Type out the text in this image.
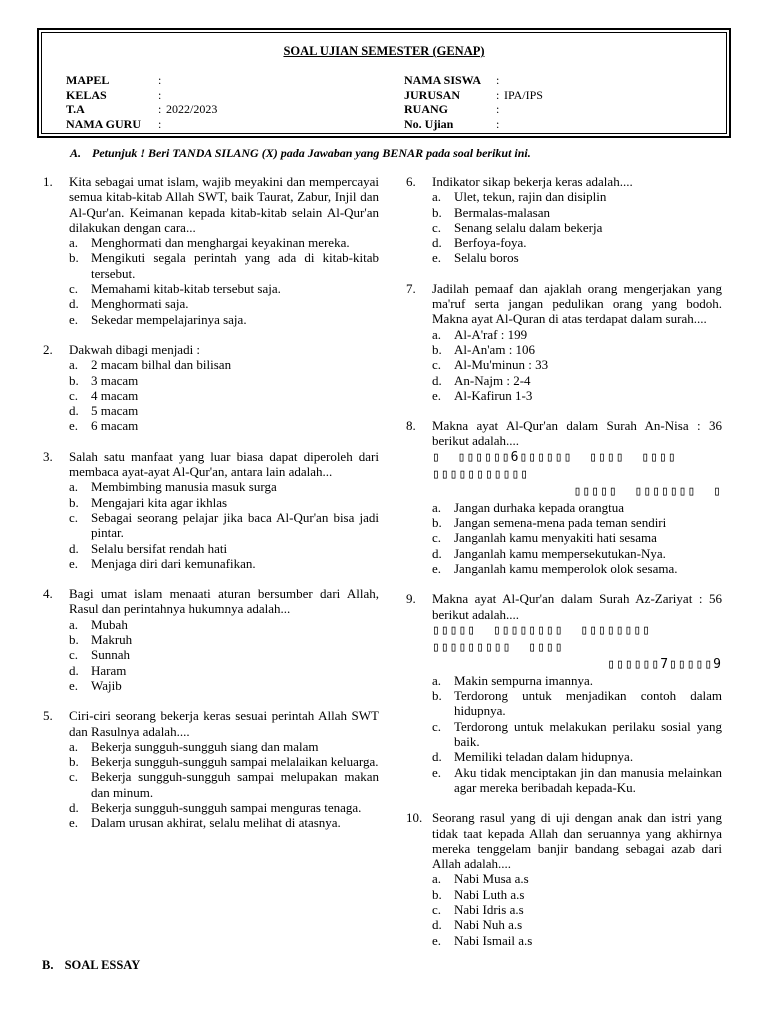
SOAL UJIAN SEMESTER (GENAP)
MAPEL	:
KELAS	:
T.A	: 2022/2023
NAMA GURU	:
NAMA SISWA	:
JURUSAN	: IPA/IPS
RUANG	:
No. Ujian	:
A. Petunjuk ! Beri TANDA SILANG (X) pada Jawaban yang BENAR pada soal berikut ini.
1.	Kita sebagai umat islam, wajib meyakini dan mempercayai semua kitab-kitab Allah SWT, baik Taurat, Zabur, Injil dan Al-Qur'an. Keimanan kepada kitab-kitab selain Al-Qur'an dilakukan dengan cara...
a. Menghormati dan menghargai keyakinan mereka.
b. Mengikuti segala perintah yang ada di kitab-kitab tersebut.
c. Memahami kitab-kitab tersebut saja.
d. Menghormati saja.
e. Sekedar mempelajarinya saja.
2.	Dakwah dibagi menjadi :
a. 2 macam bilhal dan bilisan
b. 3 macam
c. 4 macam
d. 5 macam
e. 6 macam
3.	Salah satu manfaat yang luar biasa dapat diperoleh dari membaca ayat-ayat Al-Qur'an, antara lain adalah...
a. Membimbing manusia masuk surga
b. Mengajari kita agar ikhlas
c. Sebagai seorang pelajar jika baca Al-Qur'an bisa jadi pintar.
d. Selalu bersifat rendah hati
e. Menjaga diri dari kemunafikan.
4.	Bagi umat islam menaati aturan bersumber dari Allah, Rasul dan perintahnya hukumnya adalah...
a. Mubah
b. Makruh
c. Sunnah
d. Haram
e. Wajib
5.	Ciri-ciri seorang bekerja keras sesuai perintah Allah SWT dan Rasulnya adalah....
a. Bekerja sungguh-sungguh siang dan malam
b. Bekerja sungguh-sungguh sampai melalaikan keluarga.
c. Bekerja sungguh-sungguh sampai melupakan makan dan minum.
d. Bekerja sungguh-sungguh sampai menguras tenaga.
e. Dalam urusan akhirat, selalu melihat di atasnya.
6.	Indikator sikap bekerja keras adalah....
a. Ulet, tekun, rajin dan disiplin
b. Bermalas-malasan
c. Senang selalu dalam bekerja
d. Berfoya-foya.
e. Selalu boros
7.	Jadilah pemaaf dan ajaklah orang mengerjakan yang ma'ruf serta jangan pedulikan orang yang bodoh. Makna ayat Al-Quran di atas terdapat dalam surah....
a. Al-A'raf : 199
b. Al-An'am : 106
c. Al-Mu'minun : 33
d. An-Najm : 2-4
e. Al-Kafirun 1-3
8.	Makna ayat Al-Qur'an dalam Surah An-Nisa : 36 berikut adalah....
▯ ▯▯▯▯▯▯6▯▯▯▯▯▯ ▯▯▯▯ ▯▯▯▯ ▯▯▯▯▯▯▯▯▯▯▯
▯▯▯▯▯ ▯▯▯▯▯▯▯ ▯
a. Jangan durhaka kepada orangtua
b. Jangan semena-mena pada teman sendiri
c. Janganlah kamu menyakiti hati sesama
d. Janganlah kamu mempersekutukan-Nya.
e. Janganlah kamu memperolok olok sesama.
9.	Makna ayat Al-Qur'an dalam Surah Az-Zariyat : 56 berikut adalah....
▯▯▯▯▯ ▯▯▯▯▯▯▯▯ ▯▯▯▯▯▯▯▯ ▯▯▯▯▯▯▯▯▯ ▯▯▯▯
▯▯▯▯▯▯7▯▯▯▯▯9
a. Makin sempurna imannya.
b. Terdorong untuk menjadikan contoh dalam hidupnya.
c. Terdorong untuk melakukan perilaku sosial yang baik.
d. Memiliki teladan dalam hidupnya.
e. Aku tidak menciptakan jin dan manusia melainkan agar mereka beribadah kepada-Ku.
10. Seorang rasul yang di uji dengan anak dan istri yang tidak taat kepada Allah dan seruannya yang akhirnya mereka tenggelam banjir bandang sebagai azab dari Allah adalah....
a. Nabi Musa a.s
b. Nabi Luth a.s
c. Nabi Idris a.s
d. Nabi Nuh a.s
e. Nabi Ismail a.s
B. SOAL ESSAY
